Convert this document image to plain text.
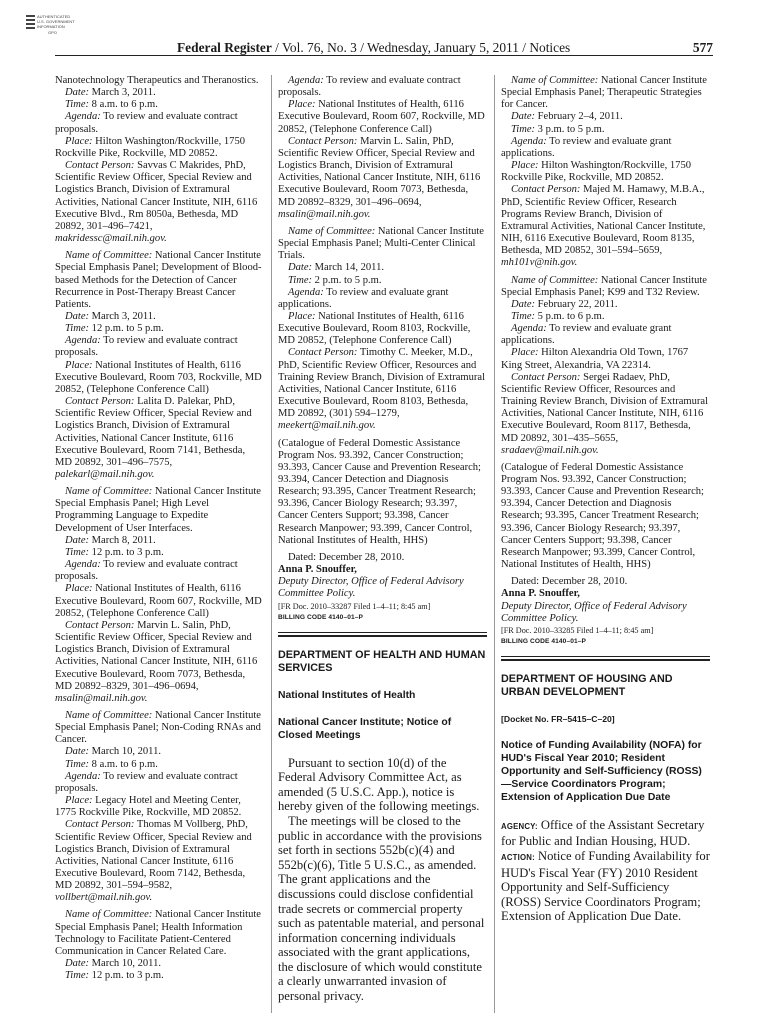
AUTHENTICATED
U.S. GOVERNMENT
INFORMATION
GPO
Federal Register / Vol. 76, No. 3 / Wednesday, January 5, 2011 / Notices	577

Nanotechnology Therapeutics and Theranostics.

Date: March 3, 2011.

Time: 8 a.m. to 6 p.m.

Agenda: To review and evaluate contract proposals.

Place: Hilton Washington/Rockville, 1750 Rockville Pike, Rockville, MD 20852.

Contact Person: Savvas C Makrides, PhD, Scientific Review Officer, Special Review and Logistics Branch, Division of Extramural Activities, National Cancer Institute, NIH, 6116 Executive Blvd., Rm 8050a, Bethesda, MD 20892, 301–496–7421, makridessc@mail.nih.gov.

Name of Committee: National Cancer Institute Special Emphasis Panel; Development of Blood-based Methods for the Detection of Cancer Recurrence in Post-Therapy Breast Cancer Patients.

Date: March 3, 2011.

Time: 12 p.m. to 5 p.m.

Agenda: To review and evaluate contract proposals.

Place: National Institutes of Health, 6116 Executive Boulevard, Room 703, Rockville, MD 20852, (Telephone Conference Call)

Contact Person: Lalita D. Palekar, PhD, Scientific Review Officer, Special Review and Logistics Branch, Division of Extramural Activities, National Cancer Institute, 6116 Executive Boulevard, Room 7141, Bethesda, MD 20892, 301–496–7575, palekarl@mail.nih.gov.

Name of Committee: National Cancer Institute Special Emphasis Panel; High Level Programming Language to Expedite Development of User Interfaces.

Date: March 8, 2011.

Time: 12 p.m. to 3 p.m.

Agenda: To review and evaluate contract proposals.

Place: National Institutes of Health, 6116 Executive Boulevard, Room 607, Rockville, MD 20852, (Telephone Conference Call)

Contact Person: Marvin L. Salin, PhD, Scientific Review Officer, Special Review and Logistics Branch, Division of Extramural Activities, National Cancer Institute, NIH, 6116 Executive Boulevard, Room 7073, Bethesda, MD 20892–8329, 301–496–0694, msalin@mail.nih.gov.

Name of Committee: National Cancer Institute Special Emphasis Panel; Non-Coding RNAs and Cancer.

Date: March 10, 2011.

Time: 8 a.m. to 6 p.m.

Agenda: To review and evaluate contract proposals.

Place: Legacy Hotel and Meeting Center, 1775 Rockville Pike, Rockville, MD 20852.

Contact Person: Thomas M Vollberg, PhD, Scientific Review Officer, Special Review and Logistics Branch, Division of Extramural Activities, National Cancer Institute, 6116 Executive Boulevard, Room 7142, Bethesda, MD 20892, 301–594–9582, vollbert@mail.nih.gov.

Name of Committee: National Cancer Institute Special Emphasis Panel; Health Information Technology to Facilitate Patient-Centered Communication in Cancer Related Care.

Date: March 10, 2011.

Time: 12 p.m. to 3 p.m.

Agenda: To review and evaluate contract proposals.

Place: National Institutes of Health, 6116 Executive Boulevard, Room 607, Rockville, MD 20852, (Telephone Conference Call)

Contact Person: Marvin L. Salin, PhD, Scientific Review Officer, Special Review and Logistics Branch, Division of Extramural Activities, National Cancer Institute, NIH, 6116 Executive Boulevard, Room 7073, Bethesda, MD 20892–8329, 301–496–0694, msalin@mail.nih.gov.

Name of Committee: National Cancer Institute Special Emphasis Panel; Multi-Center Clinical Trials.

Date: March 14, 2011.

Time: 2 p.m. to 5 p.m.

Agenda: To review and evaluate grant applications.

Place: National Institutes of Health, 6116 Executive Boulevard, Room 8103, Rockville, MD 20852, (Telephone Conference Call)

Contact Person: Timothy C. Meeker, M.D., PhD, Scientific Review Officer, Resources and Training Review Branch, Division of Extramural Activities, National Cancer Institute, 6116 Executive Boulevard, Room 8103, Bethesda, MD 20892, (301) 594–1279, meekert@mail.nih.gov.

(Catalogue of Federal Domestic Assistance Program Nos. 93.392, Cancer Construction; 93.393, Cancer Cause and Prevention Research; 93.394, Cancer Detection and Diagnosis Research; 93.395, Cancer Treatment Research; 93.396, Cancer Biology Research; 93.397, Cancer Centers Support; 93.398, Cancer Research Manpower; 93.399, Cancer Control, National Institutes of Health, HHS)

Dated: December 28, 2010.

Anna P. Snouffer,

Deputy Director, Office of Federal Advisory Committee Policy.

[FR Doc. 2010–33287 Filed 1–4–11; 8:45 am]

BILLING CODE 4140–01–P

DEPARTMENT OF HEALTH AND HUMAN SERVICES

National Institutes of Health

National Cancer Institute; Notice of Closed Meetings

Pursuant to section 10(d) of the Federal Advisory Committee Act, as amended (5 U.S.C. App.), notice is hereby given of the following meetings.

The meetings will be closed to the public in accordance with the provisions set forth in sections 552b(c)(4) and 552b(c)(6), Title 5 U.S.C., as amended. The grant applications and the discussions could disclose confidential trade secrets or commercial property such as patentable material, and personal information concerning individuals associated with the grant applications, the disclosure of which would constitute a clearly unwarranted invasion of personal privacy.

Name of Committee: National Cancer Institute Special Emphasis Panel; Therapeutic Strategies for Cancer.

Date: February 2–4, 2011.

Time: 3 p.m. to 5 p.m.

Agenda: To review and evaluate grant applications.

Place: Hilton Washington/Rockville, 1750 Rockville Pike, Rockville, MD 20852.

Contact Person: Majed M. Hamawy, M.B.A., PhD, Scientific Review Officer, Research Programs Review Branch, Division of Extramural Activities, National Cancer Institute, NIH, 6116 Executive Boulevard, Room 8135, Bethesda, MD 20852, 301–594–5659, mh101v@nih.gov.

Name of Committee: National Cancer Institute Special Emphasis Panel; K99 and T32 Review.

Date: February 22, 2011.

Time: 5 p.m. to 6 p.m.

Agenda: To review and evaluate grant applications.

Place: Hilton Alexandria Old Town, 1767 King Street, Alexandria, VA 22314.

Contact Person: Sergei Radaev, PhD, Scientific Review Officer, Resources and Training Review Branch, Division of Extramural Activities, National Cancer Institute, NIH, 6116 Executive Boulevard, Room 8117, Bethesda, MD 20892, 301–435–5655, sradaev@mail.nih.gov.

(Catalogue of Federal Domestic Assistance Program Nos. 93.392, Cancer Construction; 93.393, Cancer Cause and Prevention Research; 93.394, Cancer Detection and Diagnosis Research; 93.395, Cancer Treatment Research; 93.396, Cancer Biology Research; 93.397, Cancer Centers Support; 93.398, Cancer Research Manpower; 93.399, Cancer Control, National Institutes of Health, HHS)

Dated: December 28, 2010.

Anna P. Snouffer,

Deputy Director, Office of Federal Advisory Committee Policy.

[FR Doc. 2010–33285 Filed 1–4–11; 8:45 am]

BILLING CODE 4140–01–P

DEPARTMENT OF HOUSING AND URBAN DEVELOPMENT

[Docket No. FR–5415–C–20]

Notice of Funding Availability (NOFA) for HUD's Fiscal Year 2010; Resident Opportunity and Self-Sufficiency (ROSS)—Service Coordinators Program; Extension of Application Due Date

AGENCY: Office of the Assistant Secretary for Public and Indian Housing, HUD.

ACTION: Notice of Funding Availability for HUD's Fiscal Year (FY) 2010 Resident Opportunity and Self-Sufficiency (ROSS) Service Coordinators Program; Extension of Application Due Date.
